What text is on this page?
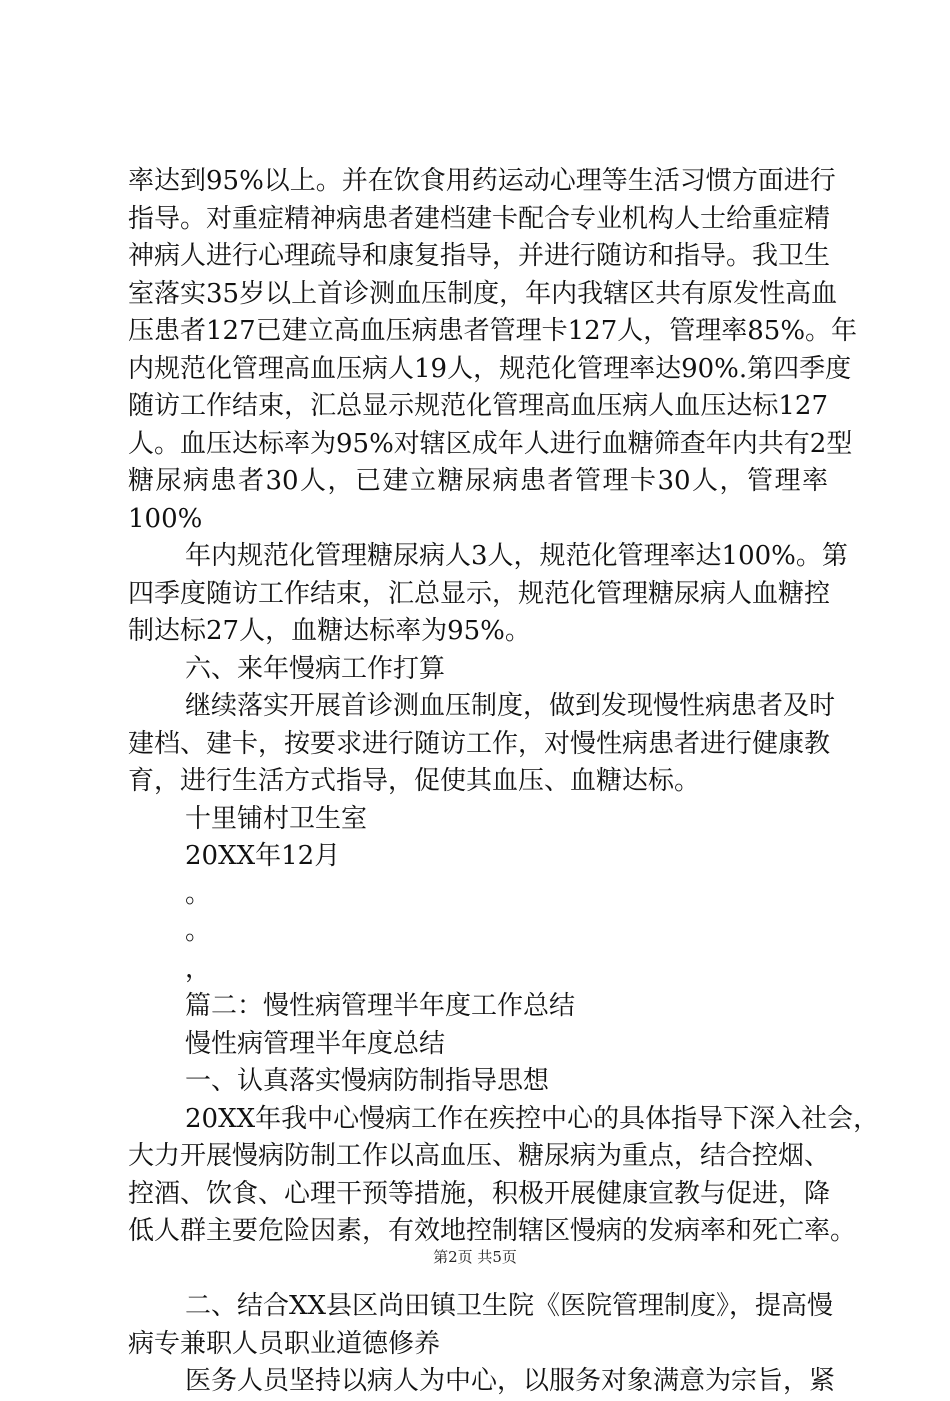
率达到95%以上。并在饮食用药运动心理等生活习惯方面进行
指导。对重症精神病患者建档建卡配合专业机构人士给重症精
神病人进行心理疏导和康复指导，并进行随访和指导。我卫生
室落实35岁以上首诊测血压制度，年内我辖区共有原发性高血
压患者127已建立高血压病患者管理卡127人，管理率85%。年
内规范化管理高血压病人19人，规范化管理率达90%.第四季度
随访工作结束，汇总显示规范化管理高血压病人血压达标127
人。血压达标率为95%对辖区成年人进行血糖筛查年内共有2型
糖尿病患者30人，已建立糖尿病患者管理卡30人，管理率
100%
年内规范化管理糖尿病人3人，规范化管理率达100%。第
四季度随访工作结束，汇总显示，规范化管理糖尿病人血糖控
制达标27人，血糖达标率为95%。
六、来年慢病工作打算
继续落实开展首诊测血压制度，做到发现慢性病患者及时
建档、建卡，按要求进行随访工作，对慢性病患者进行健康教
育，进行生活方式指导，促使其血压、血糖达标。
十里铺村卫生室
20XX年12月
。
。
，
篇二：慢性病管理半年度工作总结
慢性病管理半年度总结
一、认真落实慢病防制指导思想
20XX年我中心慢病工作在疾控中心的具体指导下深入社会，
大力开展慢病防制工作以高血压、糖尿病为重点，结合控烟、
控酒、饮食、心理干预等措施，积极开展健康宣教与促进，降
低人群主要危险因素，有效地控制辖区慢病的发病率和死亡率。
二、结合XX县区尚田镇卫生院《医院管理制度》，提高慢
病专兼职人员职业道德修养
医务人员坚持以病人为中心，以服务对象满意为宗旨，紧
第2页 共5页
